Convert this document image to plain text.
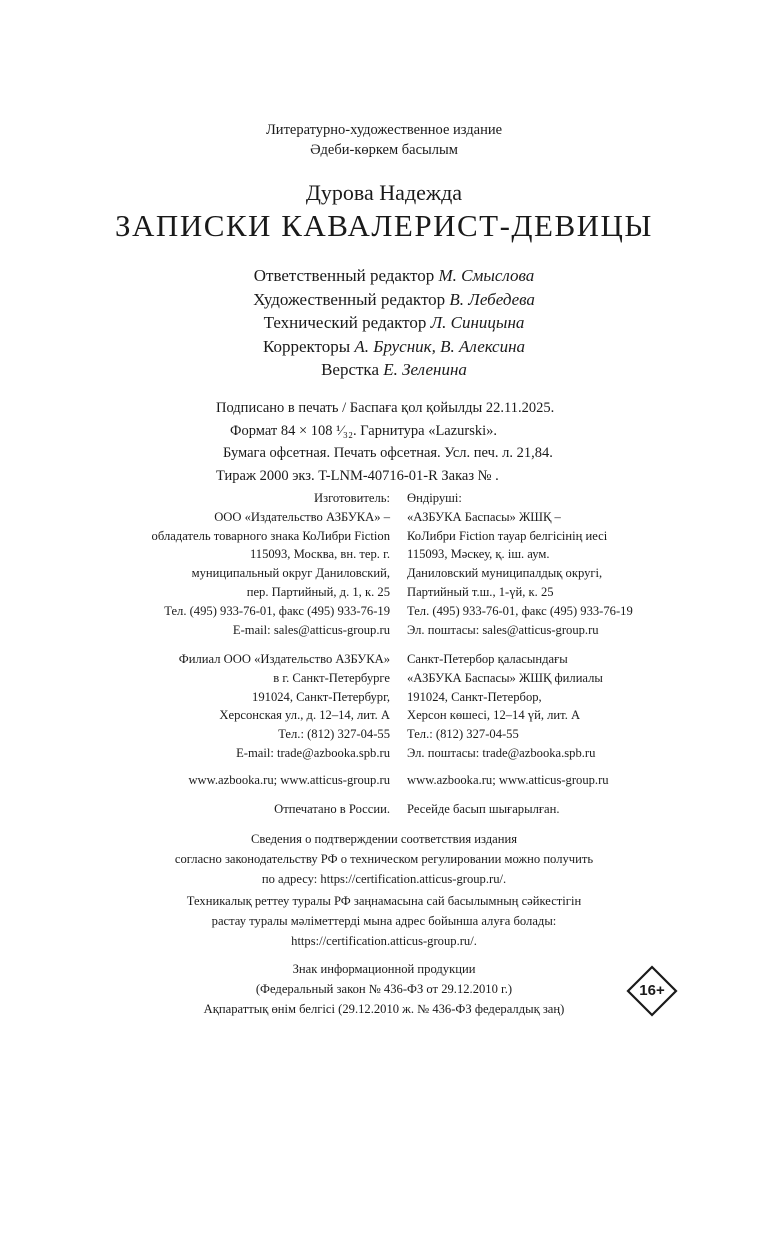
Литературно-художественное издание
Әдеби-көркем басылым
Дурова Надежда
ЗАПИСКИ КАВАЛЕРИСТ-ДЕВИЦЫ
Ответственный редактор М. Смыслова
Художественный редактор В. Лебедева
Технический редактор Л. Синицына
Корректоры А. Брусник, В. Алексина
Верстка Е. Зеленина
Подписано в печать / Баспаға қол қойылды 22.11.2025.
Формат 84 × 108 ¹⁄₃₂. Гарнитура «Lazurski».
Бумага офсетная. Печать офсетная. Усл. печ. л. 21,84.
Тираж 2000 экз. T-LNM-40716-01-R Заказ № .
Изготовитель:
ООО «Издательство АЗБУКА» –
обладатель товарного знака КоЛибри Fiction
115093, Москва, вн. тер. г.
муниципальный округ Даниловский,
пер. Партийный, д. 1, к. 25
Тел. (495) 933-76-01, факс (495) 933-76-19
E-mail: sales@atticus-group.ru
Өндіруші:
«АЗБУКА Баспасы» ЖШҚ –
КоЛибри Fiction тауар белгісінің иесі
115093, Мәскеу, қ. іш. аум.
Даниловский муниципалдық округі,
Партийный т.ш., 1-үй, к. 25
Тел. (495) 933-76-01, факс (495) 933-76-19
Эл. поштасы: sales@atticus-group.ru
Филиал ООО «Издательство АЗБУКА»
в г. Санкт-Петербурге
191024, Санкт-Петербург,
Херсонская ул., д. 12–14, лит. А
Тел.: (812) 327-04-55
E-mail: trade@azbooka.spb.ru
Санкт-Петербор қаласындағы
«АЗБУКА Баспасы» ЖШҚ филиалы
191024, Санкт-Петербор,
Херсон көшесі, 12–14 үй, лит. А
Тел.: (812) 327-04-55
Эл. поштасы: trade@azbooka.spb.ru
www.azbooka.ru; www.atticus-group.ru www.azbooka.ru; www.atticus-group.ru
Отпечатано в России. Ресейде басып шығарылған.
Сведения о подтверждении соответствия издания
согласно законодательству РФ о техническом регулировании можно получить
по адресу: https://certification.atticus-group.ru/.
Техникалық реттеу туралы РФ заңнамасына сай басылымның сәйкестігін
растау туралы мәліметтерді мына адрес бойынша алуға болады:
https://certification.atticus-group.ru/.
Знак информационной продукции
(Федеральный закон № 436-ФЗ от 29.12.2010 г.)
Ақпараттық өнім белгісі (29.12.2010 ж. № 436-ФЗ федералдық заң)
16+
